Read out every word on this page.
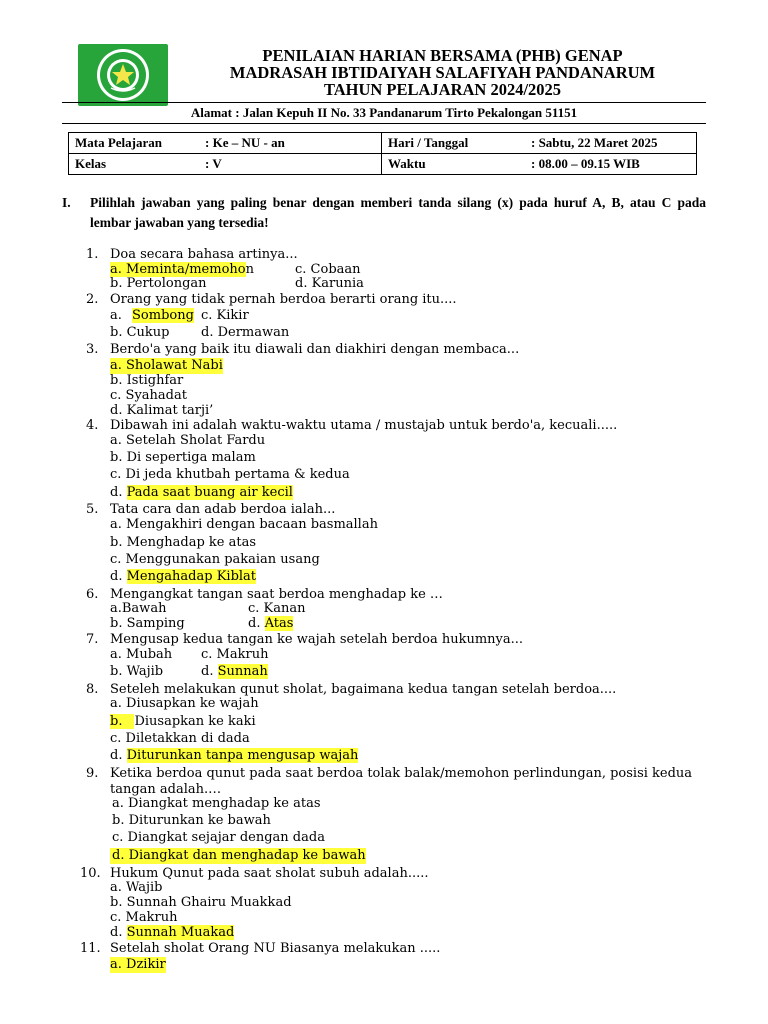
PENILAIAN HARIAN BERSAMA (PHB) GENAP
MADRASAH IBTIDAIYAH SALAFIYAH PANDANARUM
TAHUN PELAJARAN 2024/2025
Alamat : Jalan Kepuh II No. 33 Pandanarum Tirto Pekalongan 51151
Mata Pelajaran : Ke – NU - an	Hari / Tanggal : Sabtu, 22 Maret 2025
Kelas : V	Waktu : 08.00 – 09.15 WIB
I. Pilihlah jawaban yang paling benar dengan memberi tanda silang (x) pada huruf A, B, atau C pada lembar jawaban yang tersedia!
1. Doa secara bahasa artinya...
a. Meminta/memohon	c. Cobaan
b. Pertolongan	d. Karunia
2. Orang yang tidak pernah berdoa berarti orang itu....
a. Sombong c. Kikir
b. Cukup d. Dermawan
3. Berdo'a yang baik itu diawali dan diakhiri dengan membaca...
a. Sholawat Nabi
b. Istighfar
c. Syahadat
d. Kalimat tarji’
4. Dibawah ini adalah waktu-waktu utama / mustajab untuk berdo'a, kecuali.....
a. Setelah Sholat Fardu
b. Di sepertiga malam
c. Di jeda khutbah pertama & kedua
d. Pada saat buang air kecil
5. Tata cara dan adab berdoa ialah...
a. Mengakhiri dengan bacaan basmallah
b. Menghadap ke atas
c. Menggunakan pakaian usang
d. Mengahadap Kiblat
6. Mengangkat tangan saat berdoa menghadap ke …
a.Bawah	c. Kanan
b. Samping	d. Atas
7. Mengusap kedua tangan ke wajah setelah berdoa hukumnya...
a. Mubah c. Makruh
b. Wajib	d. Sunnah
8. Seteleh melakukan qunut sholat, bagaimana kedua tangan setelah berdoa....
a. Diusapkan ke wajah
b. Diusapkan ke kaki
c. Diletakkan di dada
d. Diturunkan tanpa mengusap wajah
9. Ketika berdoa qunut pada saat berdoa tolak balak/memohon perlindungan, posisi kedua tangan adalah.…
a. Diangkat menghadap ke atas
b. Diturunkan ke bawah
c. Diangkat sejajar dengan dada
d. Diangkat dan menghadap ke bawah
10. Hukum Qunut pada saat sholat subuh adalah.....
a. Wajib
b. Sunnah Ghairu Muakkad
c. Makruh
d. Sunnah Muakad
11. Setelah sholat Orang NU Biasanya melakukan .....
a. Dzikir
